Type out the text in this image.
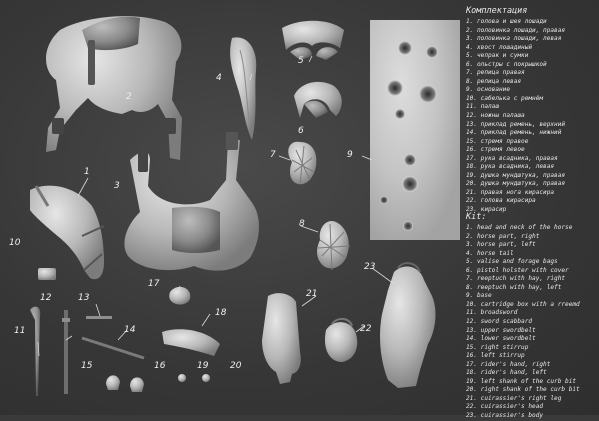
1
2
3
4
5
6
7
8
9
10
11
12	13
14
15	16
17
18
19 20
21
22
23
Комплектация
1. голова и шея лошади
2. половинка лошади, правая
3. половинка лошади, левая
4. хвост лошадиный
5. чепрак и сумки
6. ольстры с покрышкой
7. репица правая
8. репица левая
9. основание
10. сабелька с ремнём
11. палаш
12. ножны палаша
13. приклад ремень, верхний
14. приклад ремень, нижний
15. стремя правое
16. стремя левое
17. рука всадника, правая
18. рука всадника, левая
19. душка мундштука, правая
20. душка мундштука, правая
21. правая нога кирасира
22. голова кирасира
23. кирасир
Kit:
1. head and neck of the horse
2. horse part, right
3. horse part, left
4. horse tail
5. valise and forage bags
6. pistol holster with cover
7. reeptuch with hay, right
8. reeptuch with hay, left
9. base
10. cartridge box with a rreemd
11. broadsword
12. sword scabbard
13. upper swordbelt
14. lower swordbelt
15. right stirrup
16. left stirrup
17. rider's hand, right
18. rider's hand, left
19. left shank of the curb bit
20. right shank of the curb bit
21. cuirassier's right leg
22. cuirassier's head
23. cuirassier's body
